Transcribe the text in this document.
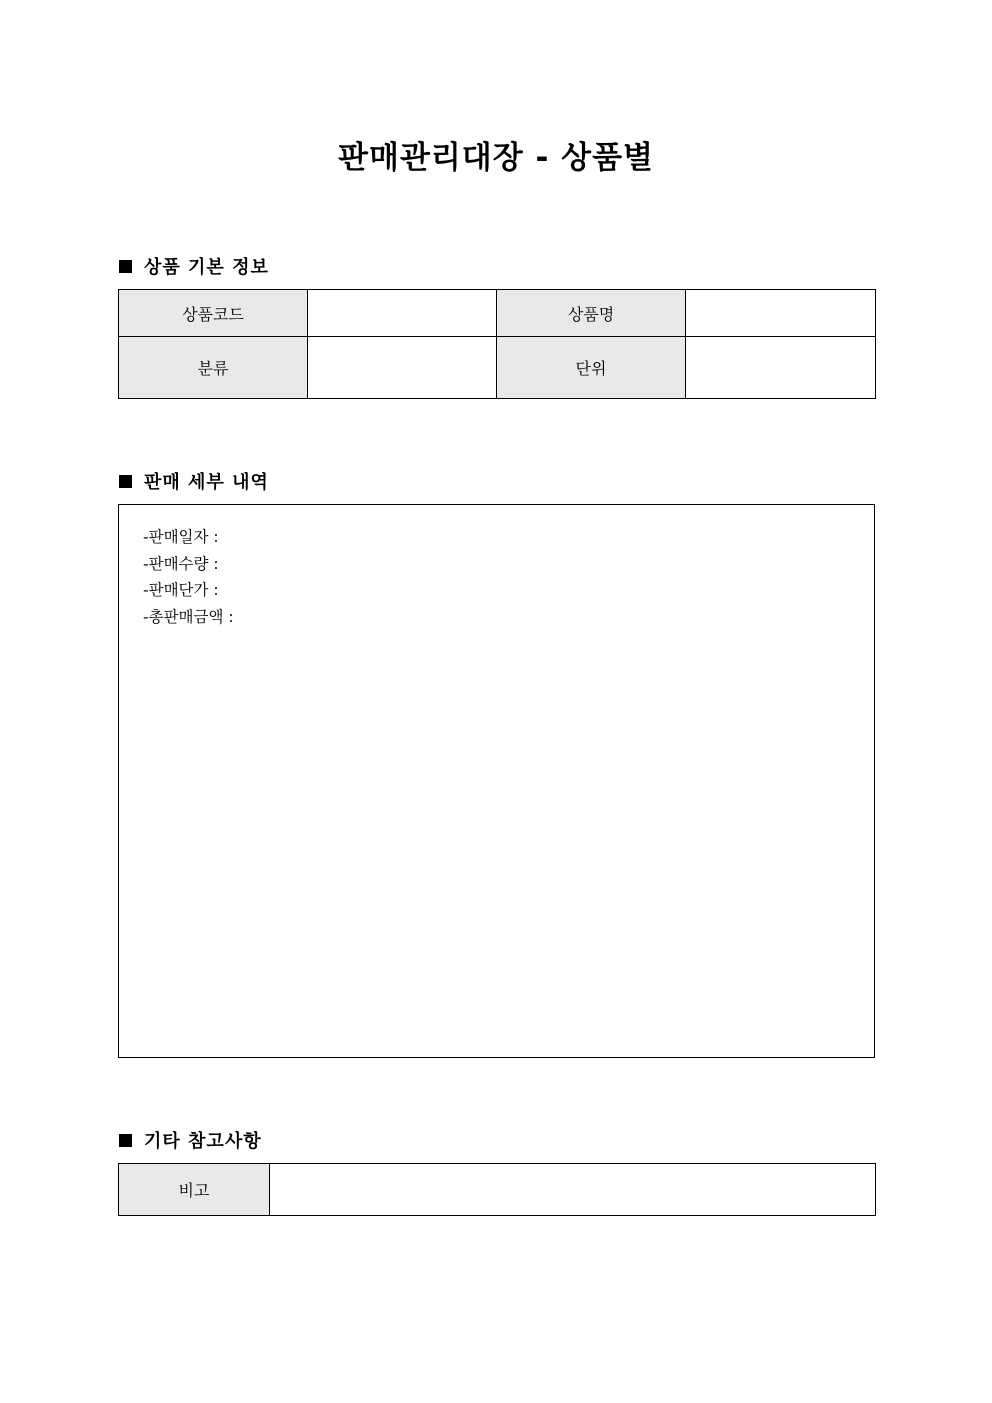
판매관리대장 - 상품별
상품 기본 정보
상품코드		상품명	
분류		단위	
판매 세부 내역
-판매일자 :
-판매수량 :
-판매단가 :
-총판매금액 :
기타 참고사항
비고	
